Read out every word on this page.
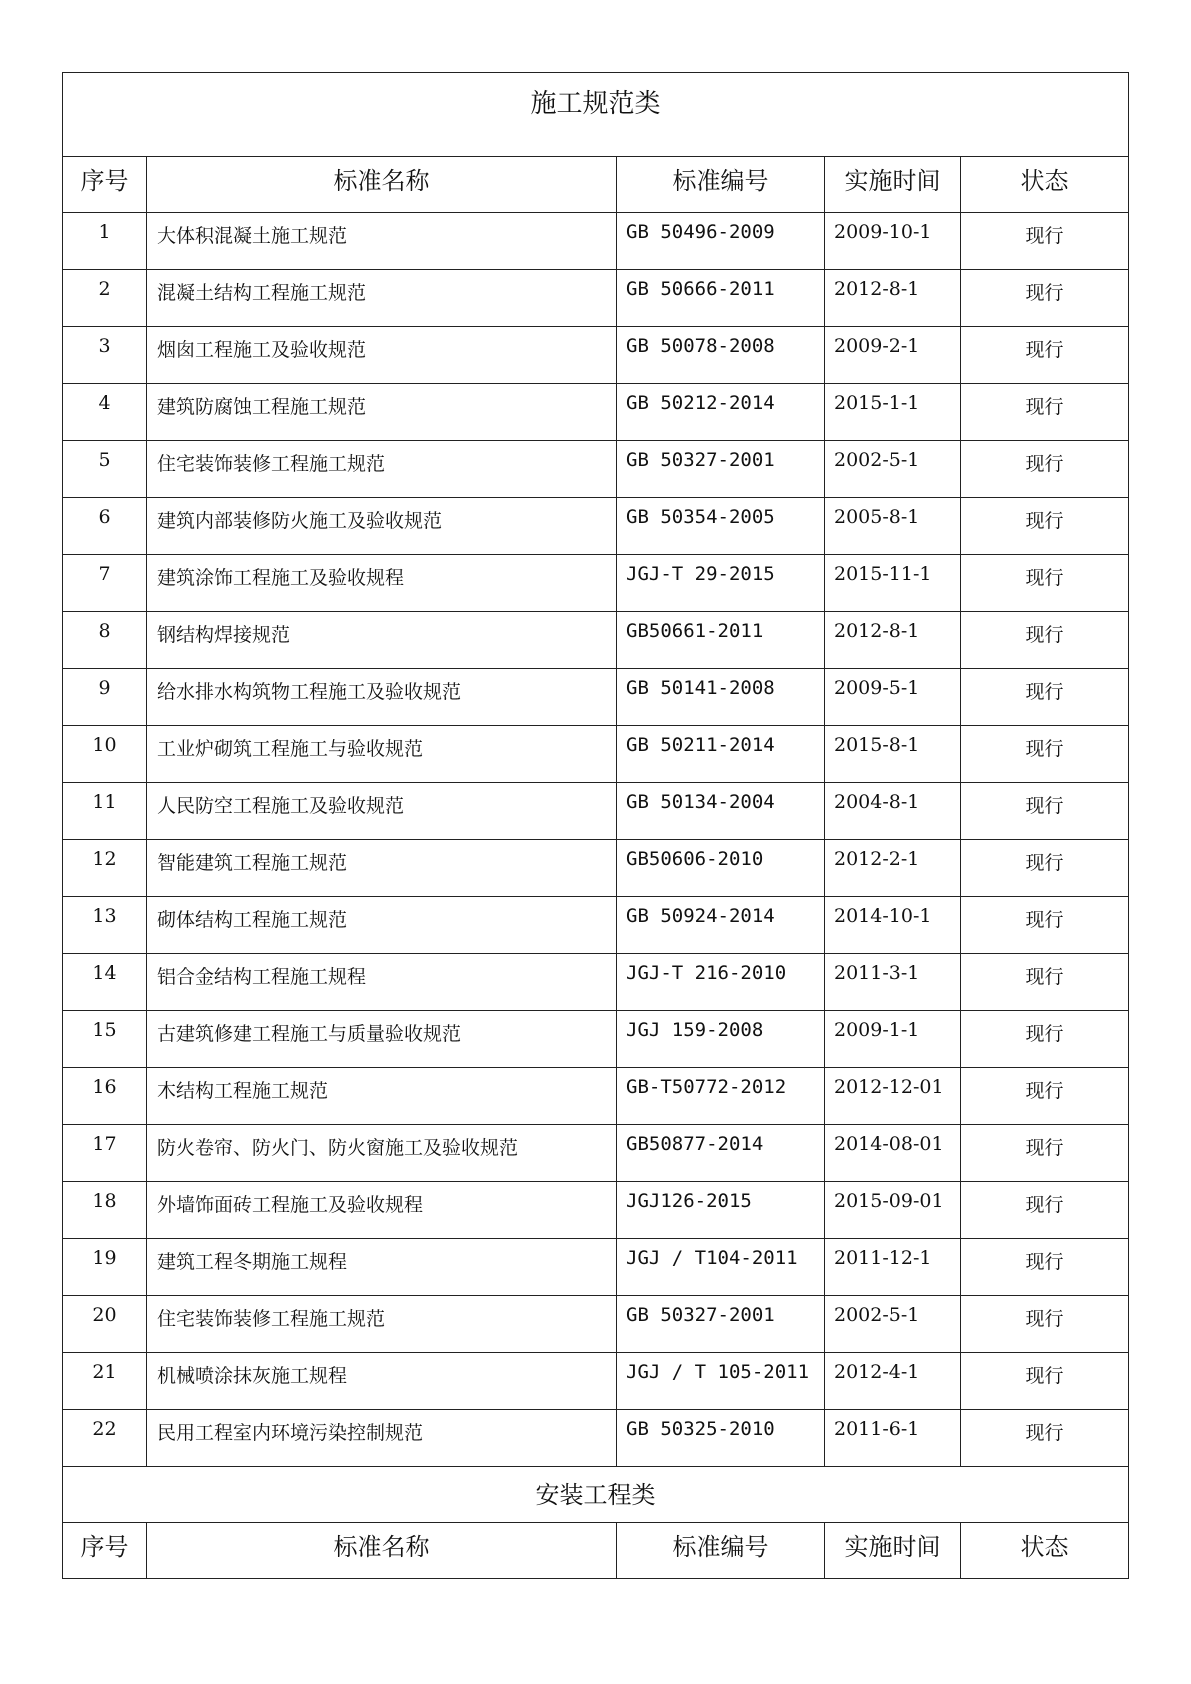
施工规范类				
序号	标准名称	标准编号	实施时间	状态
1	大体积混凝土施工规范	GB 50496-2009	2009-10-1	现行
2	混凝土结构工程施工规范	GB 50666-2011	2012-8-1	现行
3	烟囱工程施工及验收规范	GB 50078-2008	2009-2-1	现行
4	建筑防腐蚀工程施工规范	GB 50212-2014	2015-1-1	现行
5	住宅装饰装修工程施工规范	GB 50327-2001	2002-5-1	现行
6	建筑内部装修防火施工及验收规范	GB 50354-2005	2005-8-1	现行
7	建筑涂饰工程施工及验收规程	JGJ-T 29-2015	2015-11-1	现行
8	钢结构焊接规范	GB50661-2011	2012-8-1	现行
9	给水排水构筑物工程施工及验收规范	GB 50141-2008	2009-5-1	现行
10	工业炉砌筑工程施工与验收规范	GB 50211-2014	2015-8-1	现行
11	人民防空工程施工及验收规范	GB 50134-2004	2004-8-1	现行
12	智能建筑工程施工规范	GB50606-2010	2012-2-1	现行
13	砌体结构工程施工规范	GB 50924-2014	2014-10-1	现行
14	铝合金结构工程施工规程	JGJ-T 216-2010	2011-3-1	现行
15	古建筑修建工程施工与质量验收规范	JGJ 159-2008	2009-1-1	现行
16	木结构工程施工规范	GB-T50772-2012	2012-12-01	现行
17	防火卷帘、防火门、防火窗施工及验收规范	GB50877-2014	2014-08-01	现行
18	外墙饰面砖工程施工及验收规程	JGJ126-2015	2015-09-01	现行
19	建筑工程冬期施工规程	JGJ / T104-2011	2011-12-1	现行
20	住宅装饰装修工程施工规范	GB 50327-2001	2002-5-1	现行
21	机械喷涂抹灰施工规程	JGJ / T 105-2011	2012-4-1	现行
22	民用工程室内环境污染控制规范	GB 50325-2010	2011-6-1	现行
安装工程类				
序号	标准名称	标准编号	实施时间	状态
